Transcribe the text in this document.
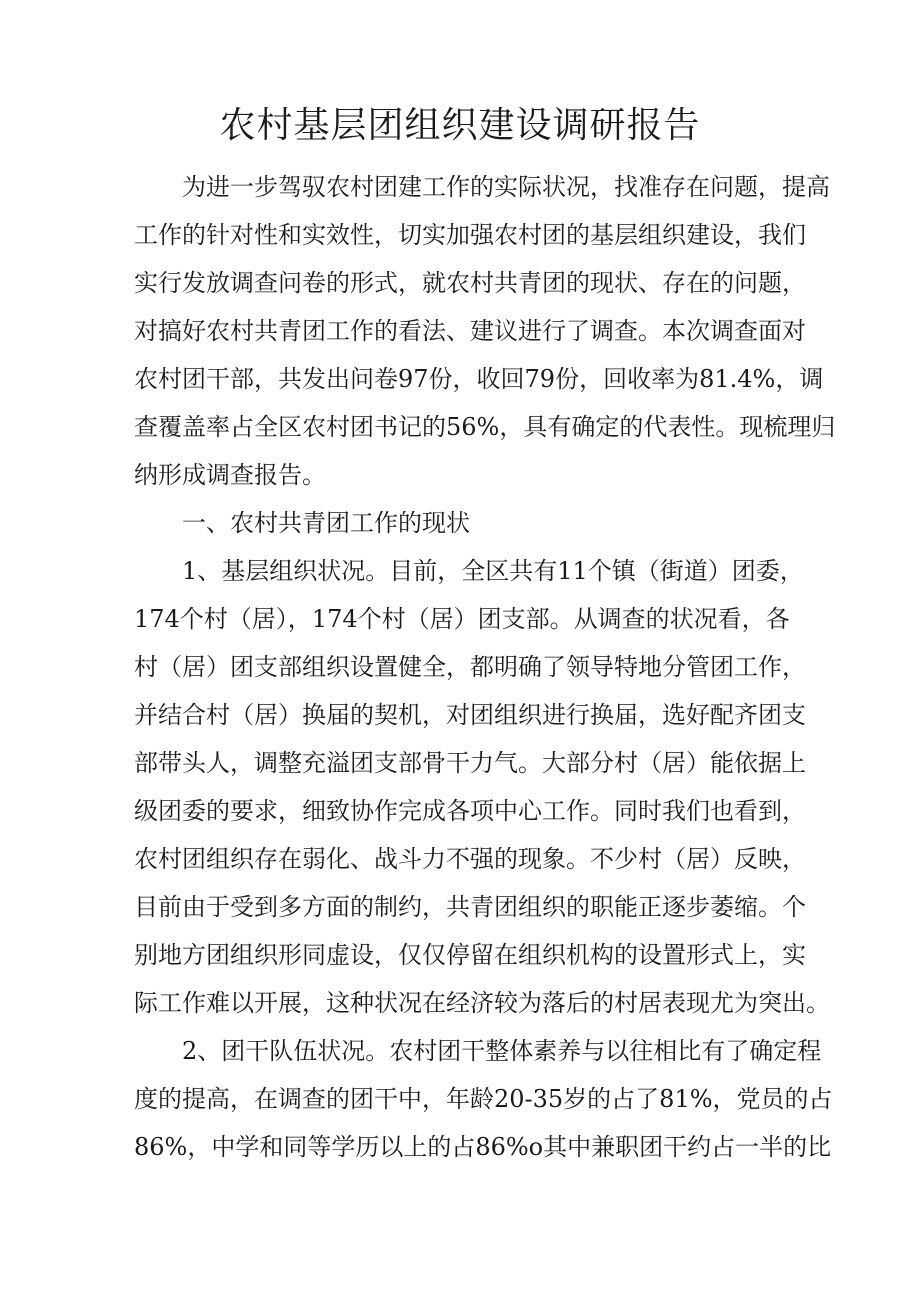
农村基层团组织建设调研报告
为进一步驾驭农村团建工作的实际状况，找准存在问题，提高
工作的针对性和实效性，切实加强农村团的基层组织建设，我们
实行发放调查问卷的形式，就农村共青团的现状、存在的问题，
对搞好农村共青团工作的看法、建议进行了调查。本次调查面对
农村团干部，共发出问卷97份，收回79份，回收率为81.4%，调
查覆盖率占全区农村团书记的56%，具有确定的代表性。现梳理归
纳形成调查报告。
一、农村共青团工作的现状
1、基层组织状况。目前，全区共有11个镇（街道）团委，
174个村（居），174个村（居）团支部。从调查的状况看，各
村（居）团支部组织设置健全，都明确了领导特地分管团工作，
并结合村（居）换届的契机，对团组织进行换届，选好配齐团支
部带头人，调整充溢团支部骨干力气。大部分村（居）能依据上
级团委的要求，细致协作完成各项中心工作。同时我们也看到，
农村团组织存在弱化、战斗力不强的现象。不少村（居）反映，
目前由于受到多方面的制约，共青团组织的职能正逐步萎缩。个
别地方团组织形同虚设，仅仅停留在组织机构的设置形式上，实
际工作难以开展，这种状况在经济较为落后的村居表现尤为突出。
2、团干队伍状况。农村团干整体素养与以往相比有了确定程
度的提高，在调查的团干中，年龄20-35岁的占了81%，党员的占
86%，中学和同等学历以上的占86%o其中兼职团干约占一半的比
